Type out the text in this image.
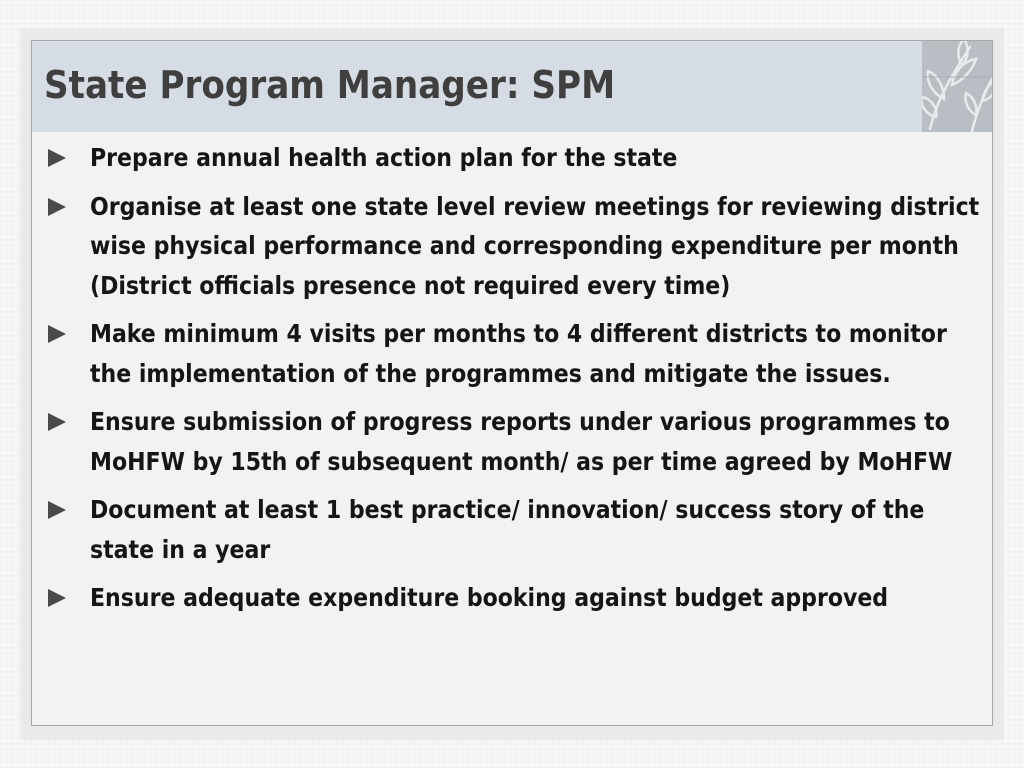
State Program Manager: SPM
Prepare annual health action plan for the state
Organise at least one state level review meetings for reviewing district wise physical performance and corresponding expenditure per month (District officials presence not required every time)
Make minimum 4 visits per months to 4 different districts to monitor the implementation of the programmes and mitigate the issues.
Ensure submission of progress reports under various programmes to MoHFW by 15th of subsequent month/ as per time agreed by MoHFW
Document at least 1 best practice/ innovation/ success story of the state in a year
Ensure adequate expenditure booking against budget approved
